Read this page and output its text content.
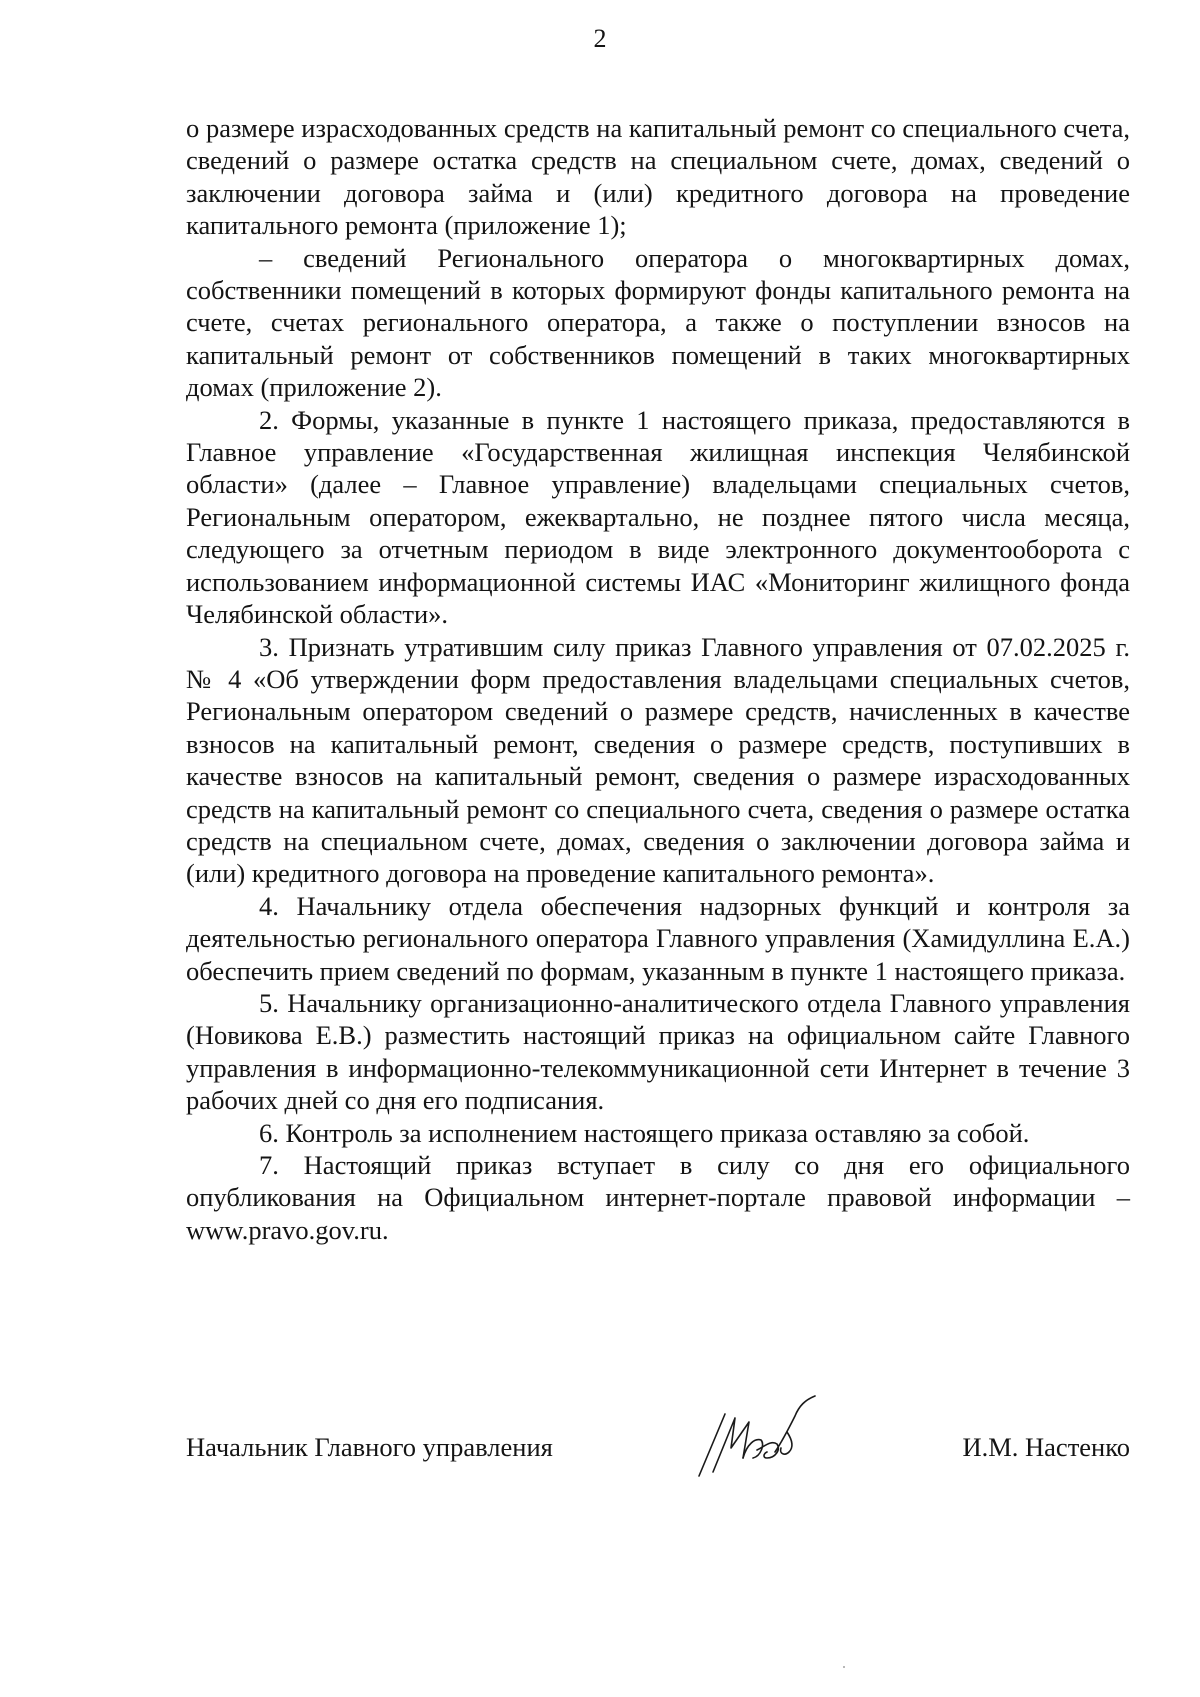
2

о размере израсходованных средств на капитальный ремонт со специального счета, сведений о размере остатка средств на специальном счете, домах, сведений о заключении договора займа и (или) кредитного договора на проведение капитального ремонта (приложение 1);

– сведений Регионального оператора о многоквартирных домах, собственники помещений в которых формируют фонды капитального ремонта на счете, счетах регионального оператора, а также о поступлении взносов на капитальный ремонт от собственников помещений в таких многоквартирных домах (приложение 2).

2. Формы, указанные в пункте 1 настоящего приказа, предоставляются в Главное управление «Государственная жилищная инспекция Челябинской области» (далее – Главное управление) владельцами специальных счетов, Региональным оператором, ежеквартально, не позднее пятого числа месяца, следующего за отчетным периодом в виде электронного документооборота с использованием информационной системы ИАС «Мониторинг жилищного фонда Челябинской области».

3. Признать утратившим силу приказ Главного управления от 07.02.2025 г. № 4 «Об утверждении форм предоставления владельцами специальных счетов, Региональным оператором сведений о размере средств, начисленных в качестве взносов на капитальный ремонт, сведения о размере средств, поступивших в качестве взносов на капитальный ремонт, сведения о размере израсходованных средств на капитальный ремонт со специального счета, сведения о размере остатка средств на специальном счете, домах, сведения о заключении договора займа и (или) кредитного договора на проведение капитального ремонта».

4. Начальнику отдела обеспечения надзорных функций и контроля за деятельностью регионального оператора Главного управления (Хамидуллина Е.А.) обеспечить прием сведений по формам, указанным в пункте 1 настоящего приказа.

5. Начальнику организационно-аналитического отдела Главного управления (Новикова Е.В.) разместить настоящий приказ на официальном сайте Главного управления в информационно-телекоммуникационной сети Интернет в течение 3 рабочих дней со дня его подписания.

6. Контроль за исполнением настоящего приказа оставляю за собой.

7. Настоящий приказ вступает в силу со дня его официального опубликования на Официальном интернет-портале правовой информации – www.pravo.gov.ru.

Начальник Главного управления	И.М. Настенко
